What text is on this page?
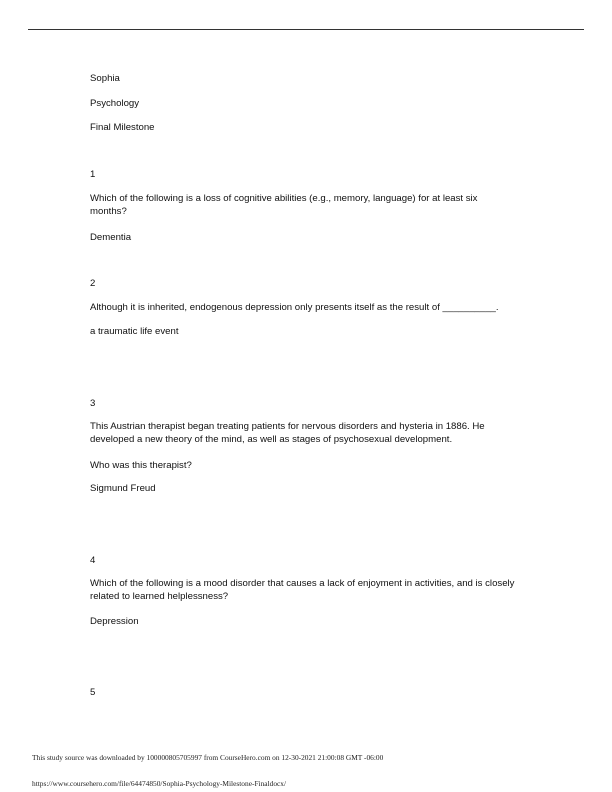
Sophia

Psychology

Final Milestone

1

Which of the following is a loss of cognitive abilities (e.g., memory, language) for at least six months?

Dementia

2

Although it is inherited, endogenous depression only presents itself as the result of __________.

a traumatic life event

3

This Austrian therapist began treating patients for nervous disorders and hysteria in 1886. He developed a new theory of the mind, as well as stages of psychosexual development.

Who was this therapist?

Sigmund Freud

4

Which of the following is a mood disorder that causes a lack of enjoyment in activities, and is closely related to learned helplessness?

Depression

5

This study source was downloaded by 100000805705997 from CourseHero.com on 12-30-2021 21:00:08 GMT -06:00
https://www.coursehero.com/file/64474850/Sophia-Psychology-Milestone-Finaldocx/
